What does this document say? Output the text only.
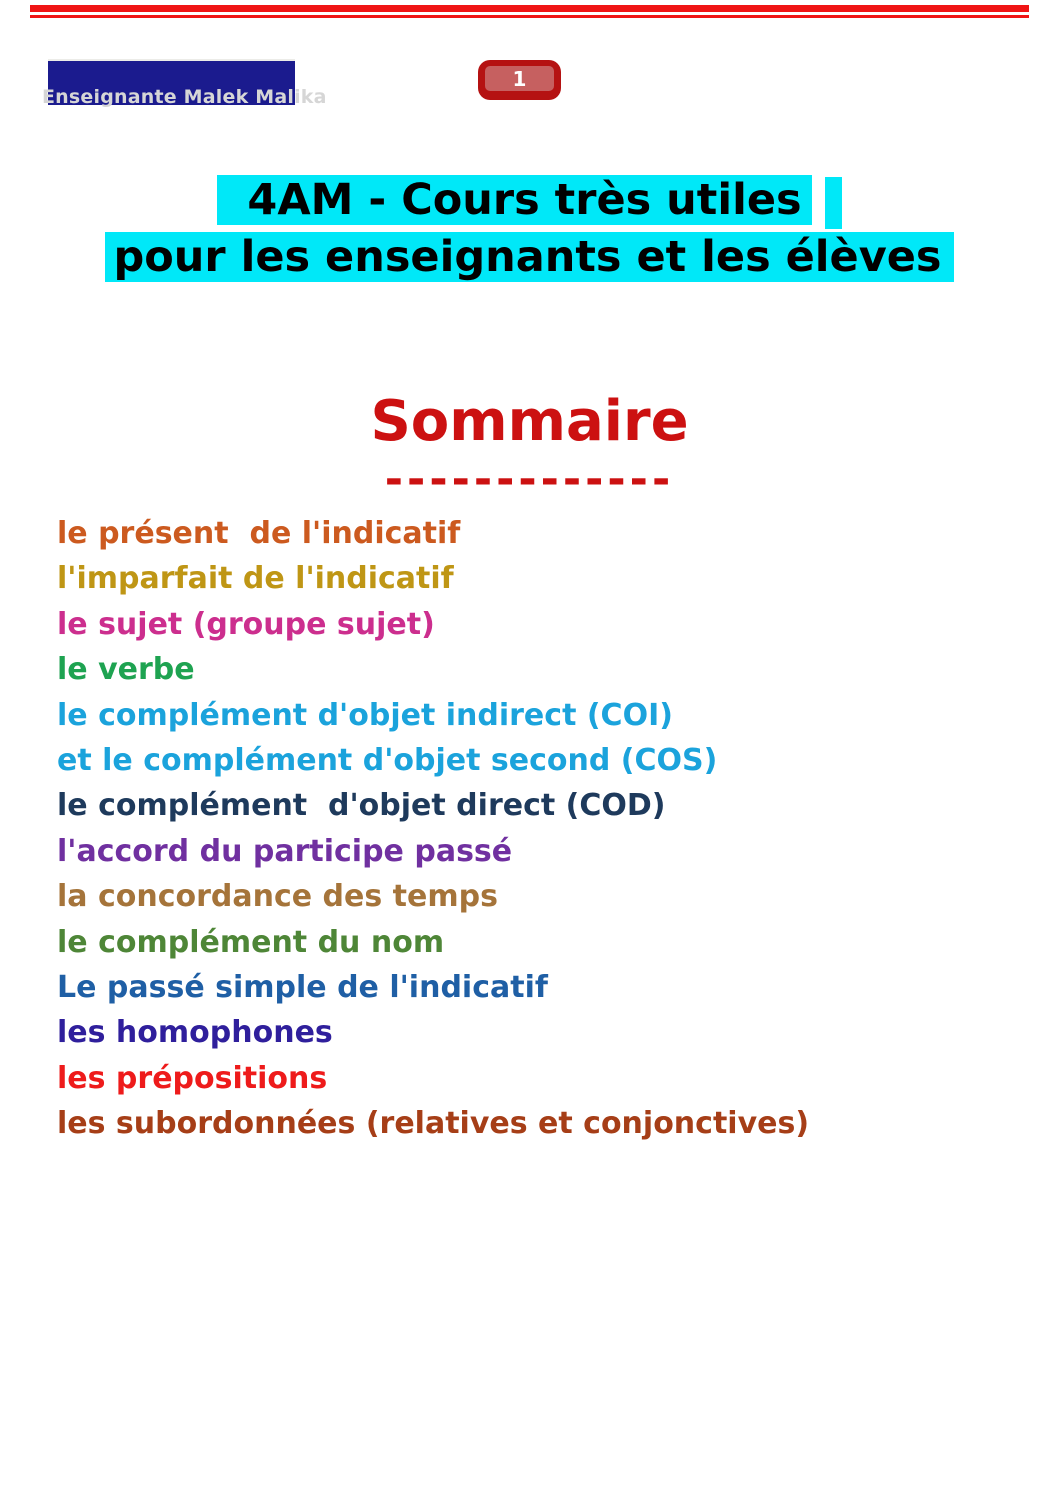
Enseignante Malek Malika
1
4AM - Cours très utiles
pour les enseignants et les élèves
Sommaire
-------------
le présent  de l'indicatif
l'imparfait de l'indicatif
le sujet (groupe sujet)
le verbe
le complément d'objet indirect (COI)
et le complément d'objet second (COS)
le complément  d'objet direct (COD)
l'accord du participe passé
la concordance des temps
le complément du nom
Le passé simple de l'indicatif
les homophones
les prépositions
les subordonnées (relatives et conjonctives)
